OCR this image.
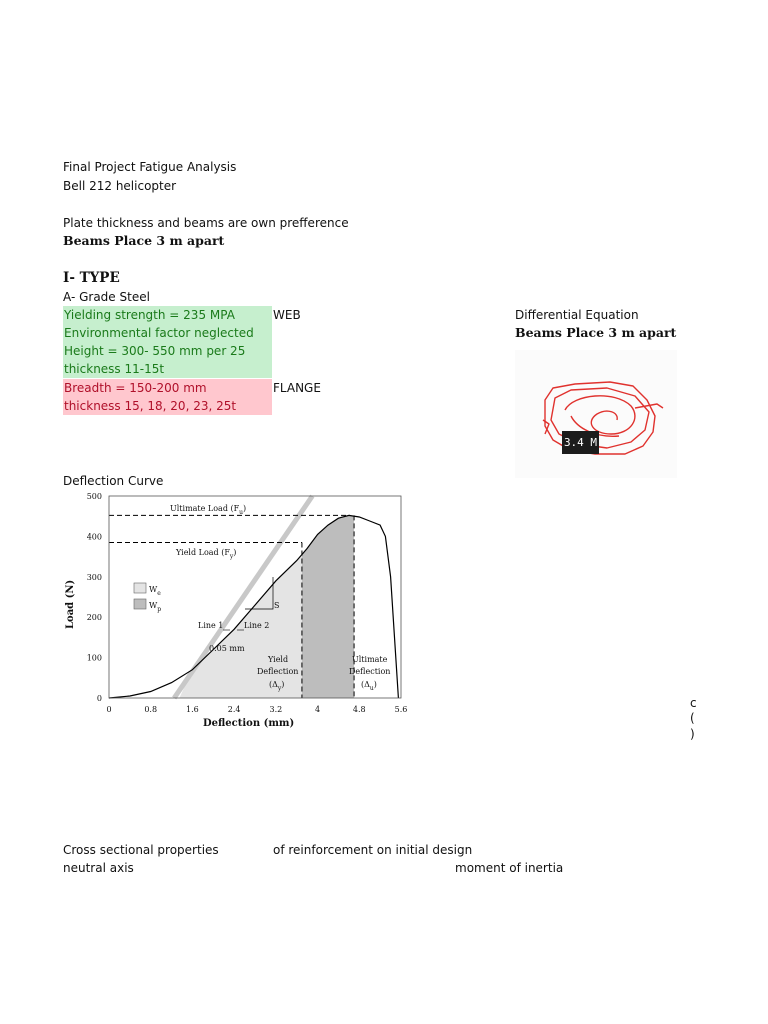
Final Project Fatigue Analysis
Bell 212 helicopter
Plate thickness and beams are own prefference
Beams Place 3 m apart
I- TYPE
A- Grade Steel
Yielding strength = 235 MPA
Environmental factor neglected
Height = 300- 550 mm per 25
thickness 11-15t
WEB
Breadth = 150-200 mm
thickness 15, 18, 20, 23, 25t
FLANGE
Differential Equation
Beams Place 3 m apart
3.4 M
Deflection Curve
0	0.8	1.6	2.4	3.2	4	4.8	5.6
0
100
200
300
400
500
Deflection (mm)
Load (N)
Ultimate Load $(F_u)$
Yield Load $(F_y)$
$W_e$
$W_p$	S
Line 1	Line 2
0.05 mm
Yield
Deflection
$(\Delta_y)$
Ultimate
Deflection
$(\Delta_u)$
c
(
)
Cross sectional properties	of reinforcement on initial design
neutral axis	moment of inertia
